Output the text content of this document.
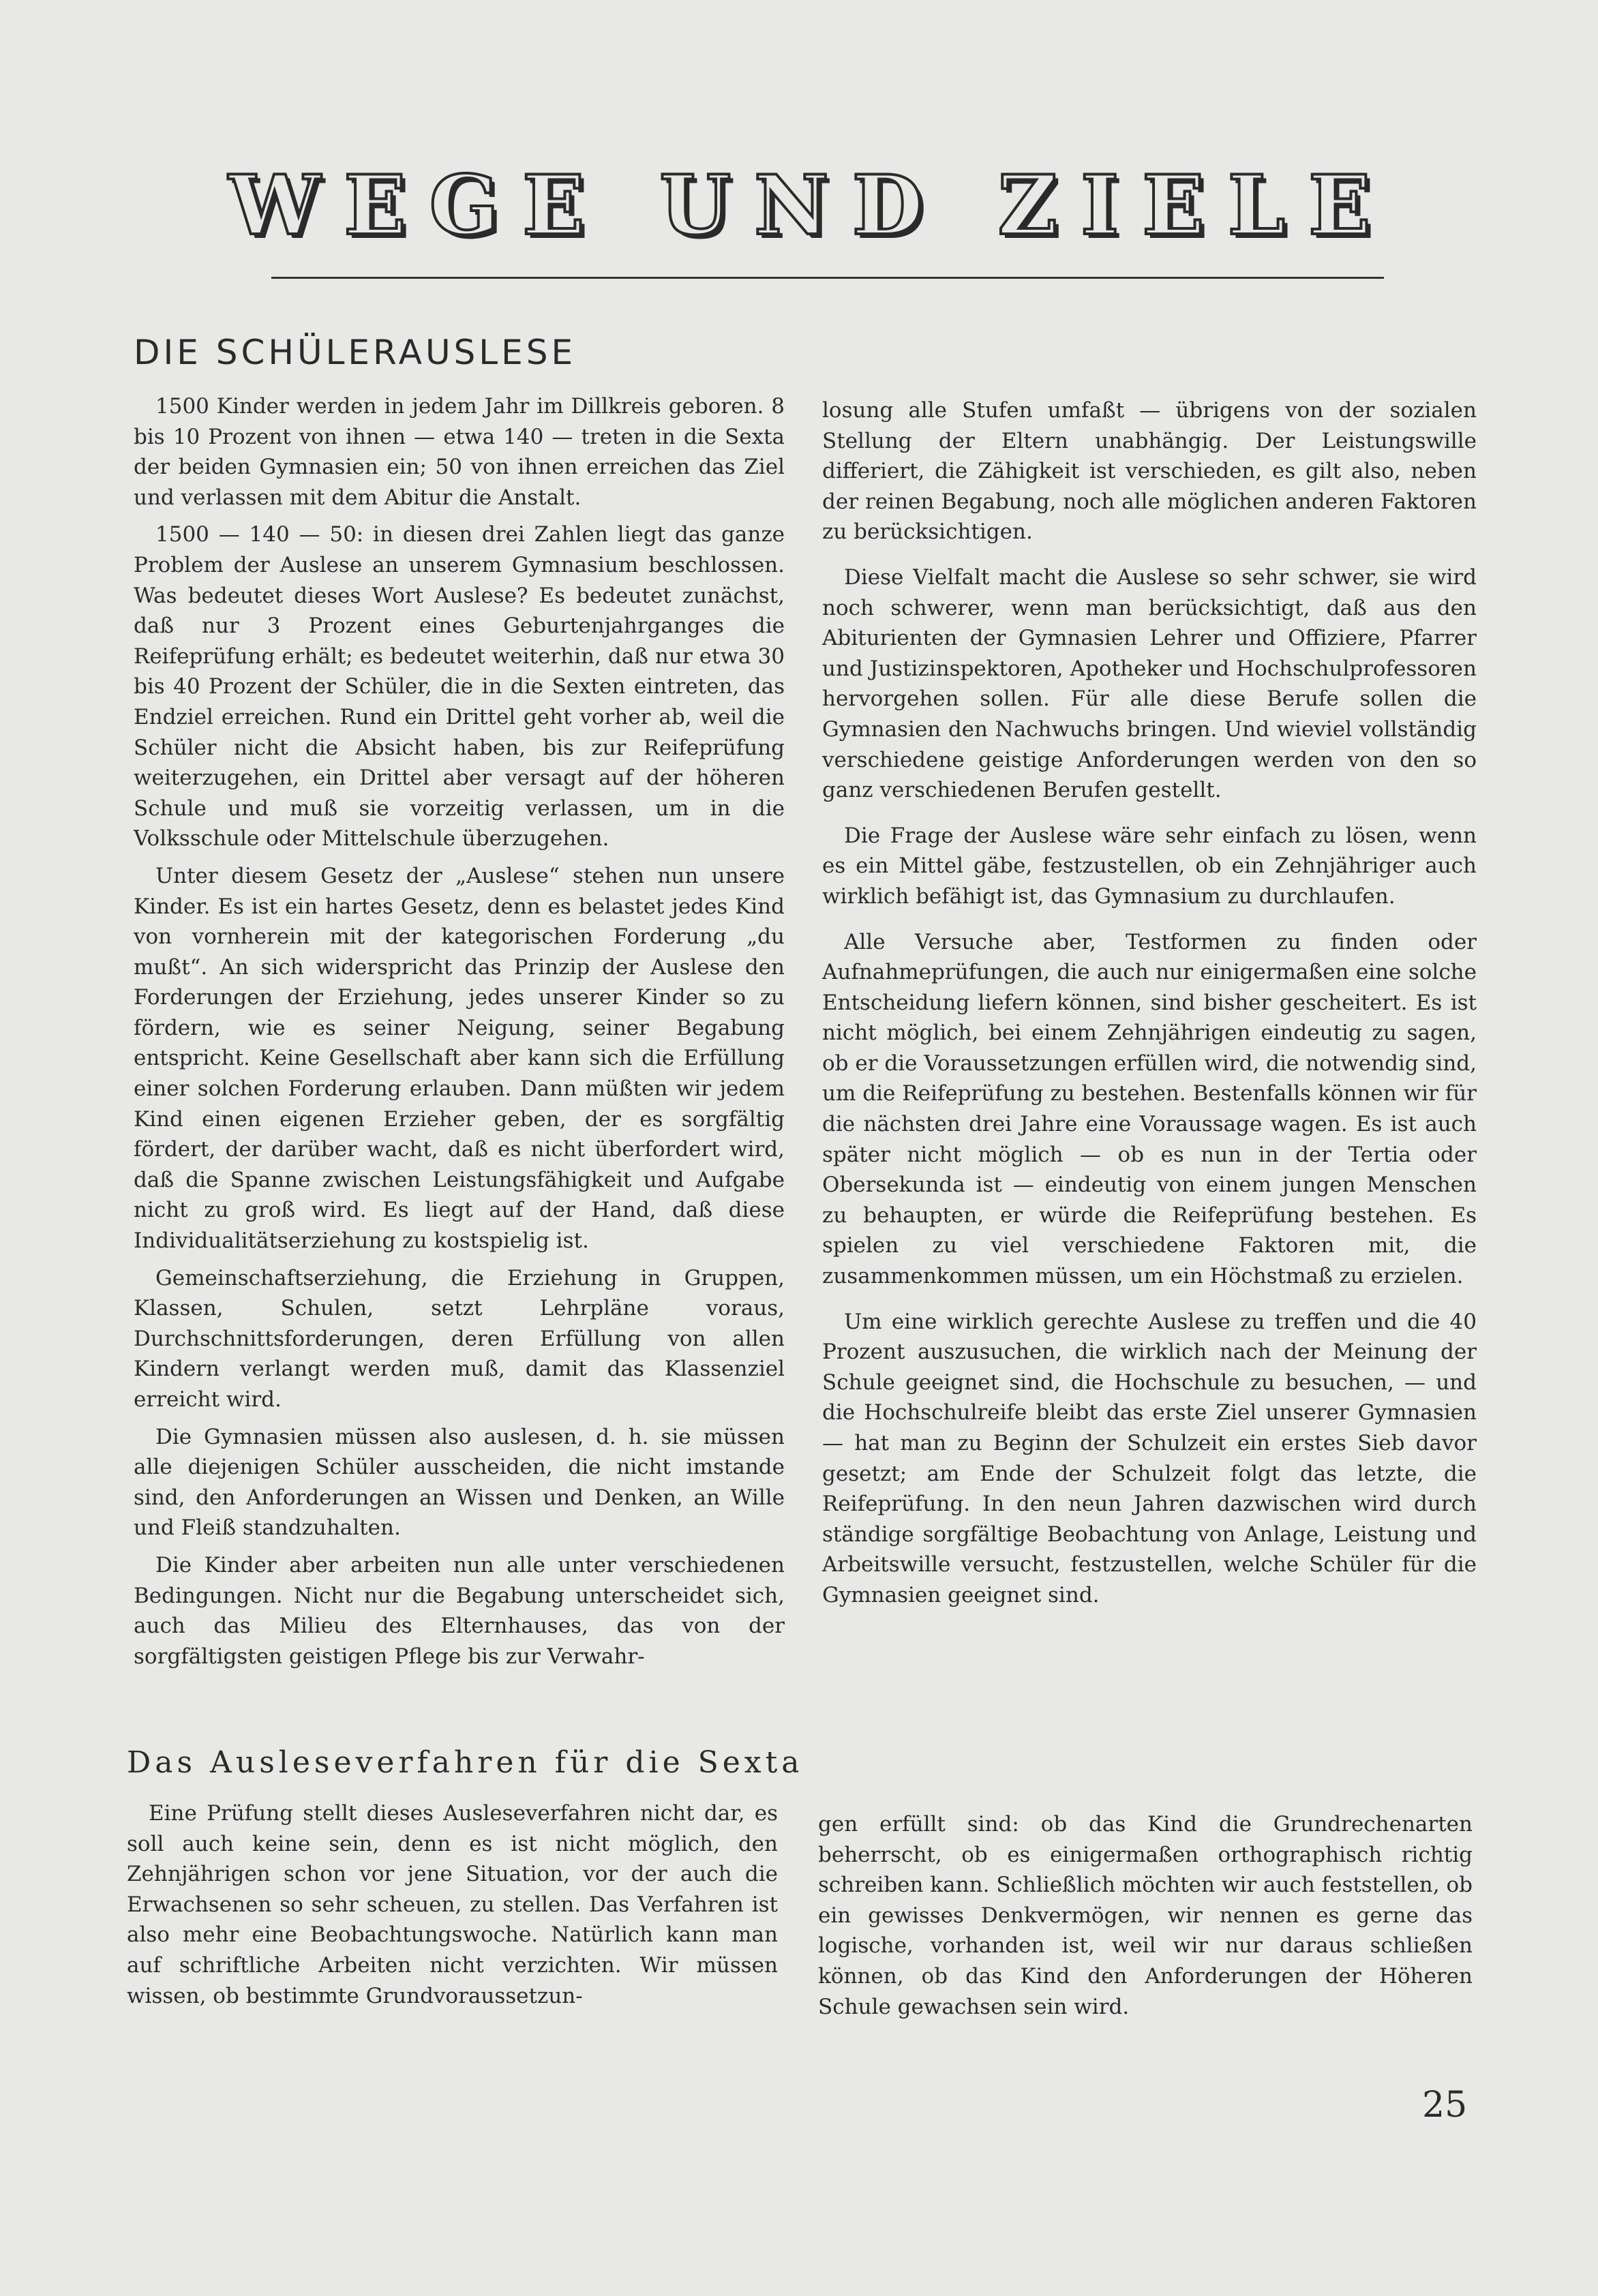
WEGE UND ZIELE
DIE SCHÜLERAUSLESE

1500 Kinder werden in jedem Jahr im Dillkreis geboren. 8 bis 10 Prozent von ihnen — etwa 140 — treten in die Sexta der beiden Gymnasien ein; 50 von ihnen erreichen das Ziel und verlassen mit dem Abitur die Anstalt.

1500 — 140 — 50: in diesen drei Zahlen liegt das ganze Problem der Auslese an unserem Gymnasium beschlossen. Was bedeutet dieses Wort Auslese? Es bedeutet zunächst, daß nur 3 Prozent eines Geburtenjahrganges die Reifeprüfung erhält; es bedeutet weiterhin, daß nur etwa 30 bis 40 Prozent der Schüler, die in die Sexten eintreten, das Endziel erreichen. Rund ein Drittel geht vorher ab, weil die Schüler nicht die Absicht haben, bis zur Reifeprüfung weiterzugehen, ein Drittel aber versagt auf der höheren Schule und muß sie vorzeitig verlassen, um in die Volksschule oder Mittelschule überzugehen.

Unter diesem Gesetz der „Auslese“ stehen nun unsere Kinder. Es ist ein hartes Gesetz, denn es belastet jedes Kind von vornherein mit der kategorischen Forderung „du mußt“. An sich widerspricht das Prinzip der Auslese den Forderungen der Erziehung, jedes unserer Kinder so zu fördern, wie es seiner Neigung, seiner Begabung entspricht. Keine Gesellschaft aber kann sich die Erfüllung einer solchen Forderung erlauben. Dann müßten wir jedem Kind einen eigenen Erzieher geben, der es sorgfältig fördert, der darüber wacht, daß es nicht überfordert wird, daß die Spanne zwischen Leistungsfähigkeit und Aufgabe nicht zu groß wird. Es liegt auf der Hand, daß diese Individualitätserziehung zu kostspielig ist.

Gemeinschaftserziehung, die Erziehung in Gruppen, Klassen, Schulen, setzt Lehrpläne voraus, Durchschnittsforderungen, deren Erfüllung von allen Kindern verlangt werden muß, damit das Klassenziel erreicht wird.

Die Gymnasien müssen also auslesen, d. h. sie müssen alle diejenigen Schüler ausscheiden, die nicht imstande sind, den Anforderungen an Wissen und Denken, an Wille und Fleiß standzuhalten.

Die Kinder aber arbeiten nun alle unter verschiedenen Bedingungen. Nicht nur die Begabung unterscheidet sich, auch das Milieu des Elternhauses, das von der sorgfältigsten geistigen Pflege bis zur Verwahr-

losung alle Stufen umfaßt — übrigens von der sozialen Stellung der Eltern unabhängig. Der Leistungswille differiert, die Zähigkeit ist verschieden, es gilt also, neben der reinen Begabung, noch alle möglichen anderen Faktoren zu berücksichtigen.

Diese Vielfalt macht die Auslese so sehr schwer, sie wird noch schwerer, wenn man berücksichtigt, daß aus den Abiturienten der Gymnasien Lehrer und Offiziere, Pfarrer und Justizinspektoren, Apotheker und Hochschulprofessoren hervorgehen sollen. Für alle diese Berufe sollen die Gymnasien den Nachwuchs bringen. Und wieviel vollständig verschiedene geistige Anforderungen werden von den so ganz verschiedenen Berufen gestellt.

Die Frage der Auslese wäre sehr einfach zu lösen, wenn es ein Mittel gäbe, festzustellen, ob ein Zehnjähriger auch wirklich befähigt ist, das Gymnasium zu durchlaufen.

Alle Versuche aber, Testformen zu finden oder Aufnahmeprüfungen, die auch nur einigermaßen eine solche Entscheidung liefern können, sind bisher gescheitert. Es ist nicht möglich, bei einem Zehnjährigen eindeutig zu sagen, ob er die Voraussetzungen erfüllen wird, die notwendig sind, um die Reifeprüfung zu bestehen. Bestenfalls können wir für die nächsten drei Jahre eine Voraussage wagen. Es ist auch später nicht möglich — ob es nun in der Tertia oder Obersekunda ist — eindeutig von einem jungen Menschen zu behaupten, er würde die Reifeprüfung bestehen. Es spielen zu viel verschiedene Faktoren mit, die zusammenkommen müssen, um ein Höchstmaß zu erzielen.

Um eine wirklich gerechte Auslese zu treffen und die 40 Prozent auszusuchen, die wirklich nach der Meinung der Schule geeignet sind, die Hochschule zu besuchen, — und die Hochschulreife bleibt das erste Ziel unserer Gymnasien — hat man zu Beginn der Schulzeit ein erstes Sieb davor gesetzt; am Ende der Schulzeit folgt das letzte, die Reifeprüfung. In den neun Jahren dazwischen wird durch ständige sorgfältige Beobachtung von Anlage, Leistung und Arbeitswille versucht, festzustellen, welche Schüler für die Gymnasien geeignet sind.

Das Ausleseverfahren für die Sexta

Eine Prüfung stellt dieses Ausleseverfahren nicht dar, es soll auch keine sein, denn es ist nicht möglich, den Zehnjährigen schon vor jene Situation, vor der auch die Erwachsenen so sehr scheuen, zu stellen. Das Verfahren ist also mehr eine Beobachtungswoche. Natürlich kann man auf schriftliche Arbeiten nicht verzichten. Wir müssen wissen, ob bestimmte Grundvoraussetzun-

gen erfüllt sind: ob das Kind die Grundrechenarten beherrscht, ob es einigermaßen orthographisch richtig schreiben kann. Schließlich möchten wir auch feststellen, ob ein gewisses Denkvermögen, wir nennen es gerne das logische, vorhanden ist, weil wir nur daraus schließen können, ob das Kind den Anforderungen der Höheren Schule gewachsen sein wird.

25
